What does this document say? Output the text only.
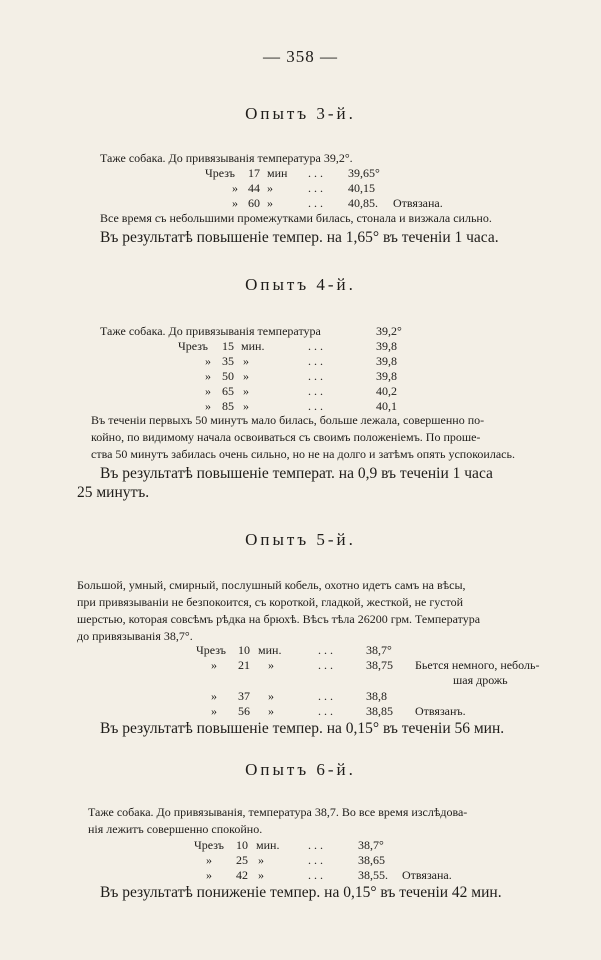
— 358 —
Опытъ 3-й.
Таже собака. До привязыванія температура 39,2°.
Чрезъ 17 мин . . . 39,65°
» 44 »	. . . 40,15
» 60 »	. . . 40,85. Отвязана.
Все время съ небольшими промежутками билась, стонала и визжала сильно.
Въ результатѣ повышеніе темпер. на 1,65° въ теченіи 1 часа.
Опытъ 4-й.
Таже собака. До привязыванія температура	39,2°
Чрезъ 15 мин.	. . .	39,8
» 35 »	. . .	39,8
» 50 »	. . .	39,8
» 65 »	. . .	40,2
» 85 »	. . .	40,1
Въ теченіи первыхъ 50 минутъ мало билась, больше лежала, совершенно по-
койно, по видимому начала освоиваться съ своимъ положеніемъ. По проше-
ства 50 минутъ забилась очень сильно, но не на долго и затѣмъ опять успокоилась.
Въ результатѣ повышеніе температ. на 0,9 въ теченіи 1 часа
25 минутъ.
Опытъ 5-й.
Большой, умный, смирный, послушный кобель, охотно идетъ самъ на вѣсы,
при привязываніи не безпокоится, съ короткой, гладкой, жесткой, не густой
шерстью, которая совсѣмъ рѣдка на брюхѣ. Вѣсъ тѣла 26200 грм. Температура
до привязыванія 38,7°.
Чрезъ 10 мин.	. . .	38,7°
» 21 »	. . .	38,75 Бьется немного, неболь-
шая дрожь
» 37 »	. . .	38,8
» 56 »	. . .	38,85 Отвязанъ.
Въ результатѣ повышеніе темпер. на 0,15° въ теченіи 56 мин.
Опытъ 6-й.
Таже собака. До привязыванія, температура 38,7. Во все время изслѣдова-
нія лежитъ совершенно спокойно.
Чрезъ 10 мин. . . .	38,7°
» 25 »	. . .	38,65
» 42 »	. . .	38,55. Отвязана.
Въ результатѣ пониженіе темпер. на 0,15° въ теченіи 42 мин.
